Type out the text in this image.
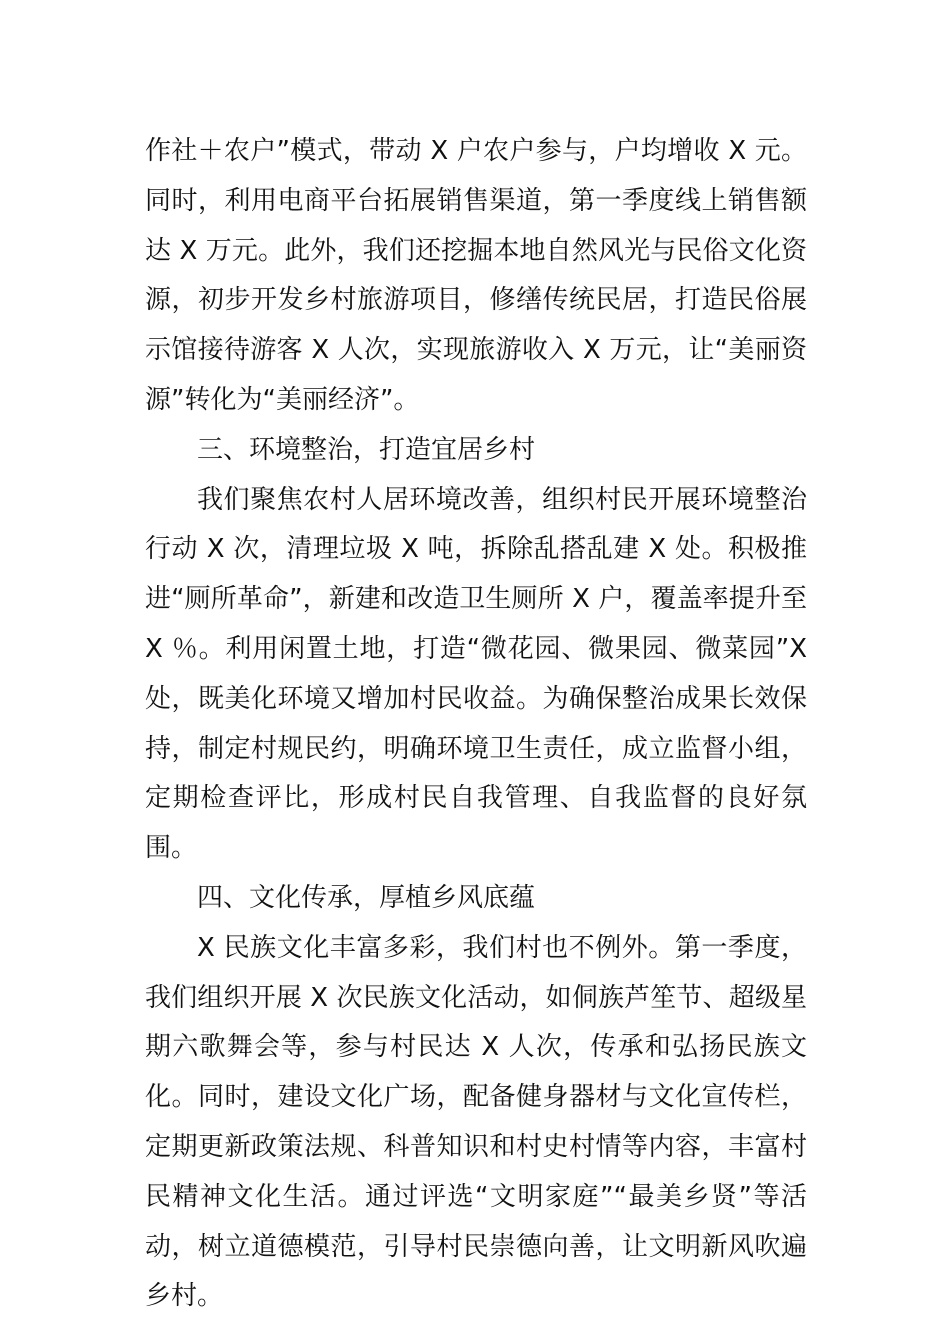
作社＋农户”模式，带动 X 户农户参与，户均增收 X 元。同时，利用电商平台拓展销售渠道，第一季度线上销售额达 X 万元。此外，我们还挖掘本地自然风光与民俗文化资源，初步开发乡村旅游项目，修缮传统民居，打造民俗展示馆接待游客 X 人次，实现旅游收入 X 万元，让“美丽资源”转化为“美丽经济”。

三、环境整治，打造宜居乡村

我们聚焦农村人居环境改善，组织村民开展环境整治行动 X 次，清理垃圾 X 吨，拆除乱搭乱建 X 处。积极推进“厕所革命”，新建和改造卫生厕所 X 户，覆盖率提升至 X ％。利用闲置土地，打造“微花园、微果园、微菜园”X 处，既美化环境又增加村民收益。为确保整治成果长效保持，制定村规民约，明确环境卫生责任，成立监督小组，定期检查评比，形成村民自我管理、自我监督的良好氛围。

四、文化传承，厚植乡风底蕴

X 民族文化丰富多彩，我们村也不例外。第一季度，我们组织开展 X 次民族文化活动，如侗族芦笙节、超级星期六歌舞会等，参与村民达 X 人次，传承和弘扬民族文化。同时，建设文化广场，配备健身器材与文化宣传栏，定期更新政策法规、科普知识和村史村情等内容，丰富村民精神文化生活。通过评选“文明家庭”“最美乡贤”等活动，树立道德模范，引导村民崇德向善，让文明新风吹遍乡村。
